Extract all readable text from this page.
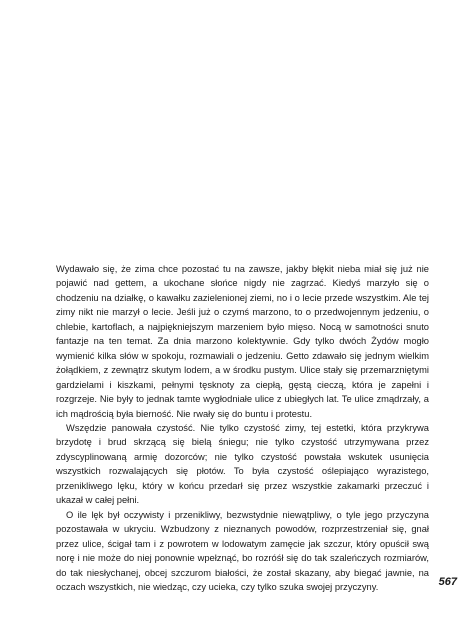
Wydawało się, że zima chce pozostać tu na zawsze, jakby błękit nieba miał się już nie pojawić nad gettem, a ukochane słońce nigdy nie zagrzać. Kiedyś marzyło się o chodzeniu na działkę, o kawałku zazielenionej ziemi, no i o lecie przede wszystkim. Ale tej zimy nikt nie marzył o lecie. Jeśli już o czymś marzono, to o przedwojennym jedzeniu, o chlebie, kartoflach, a najpiękniejszym marzeniem było mięso. Nocą w samotności snuto fantazje na ten temat. Za dnia marzono kolektywnie. Gdy tylko dwóch Żydów mogło wymienić kilka słów w spokoju, rozmawiali o jedzeniu. Getto zdawało się jednym wielkim żołądkiem, z zewnątrz skutym lodem, a w środku pustym. Ulice stały się przemarzniętymi gardzielami i kiszkami, pełnymi tęsknoty za ciepłą, gęstą cieczą, która je zapełni i rozgrzeje. Nie były to jednak tamte wygłodniałe ulice z ubiegłych lat. Te ulice zmądrzały, a ich mądrością była bierność. Nie rwały się do buntu i protestu.

Wszędzie panowała czystość. Nie tylko czystość zimy, tej estetki, która przykrywa brzydotę i brud skrzącą się bielą śniegu; nie tylko czystość utrzymywana przez zdyscyplinowaną armię dozorców; nie tylko czystość powstała wskutek usunięcia wszystkich rozwalających się płotów. To była czystość oślepiająco wyrazistego, przenikliwego lęku, który w końcu przedarł się przez wszystkie zakamarki przeczuć i ukazał w całej pełni.

O ile lęk był oczywisty i przenikliwy, bezwstydnie niewątpliwy, o tyle jego przyczyna pozostawała w ukryciu. Wzbudzony z nieznanych powodów, rozprzestrzeniał się, gnał przez ulice, ścigał tam i z powrotem w lodowatym zamęcie jak szczur, który opuścił swą norę i nie może do niej ponownie wpełznąć, bo rozróśł się do tak szaleńczych rozmiarów, do tak niesłychanej, obcej szczurom białości, że został skazany, aby biegać jawnie, na oczach wszystkich, nie wiedząc, czy ucieka, czy tylko szuka swojej przyczyny.	567
